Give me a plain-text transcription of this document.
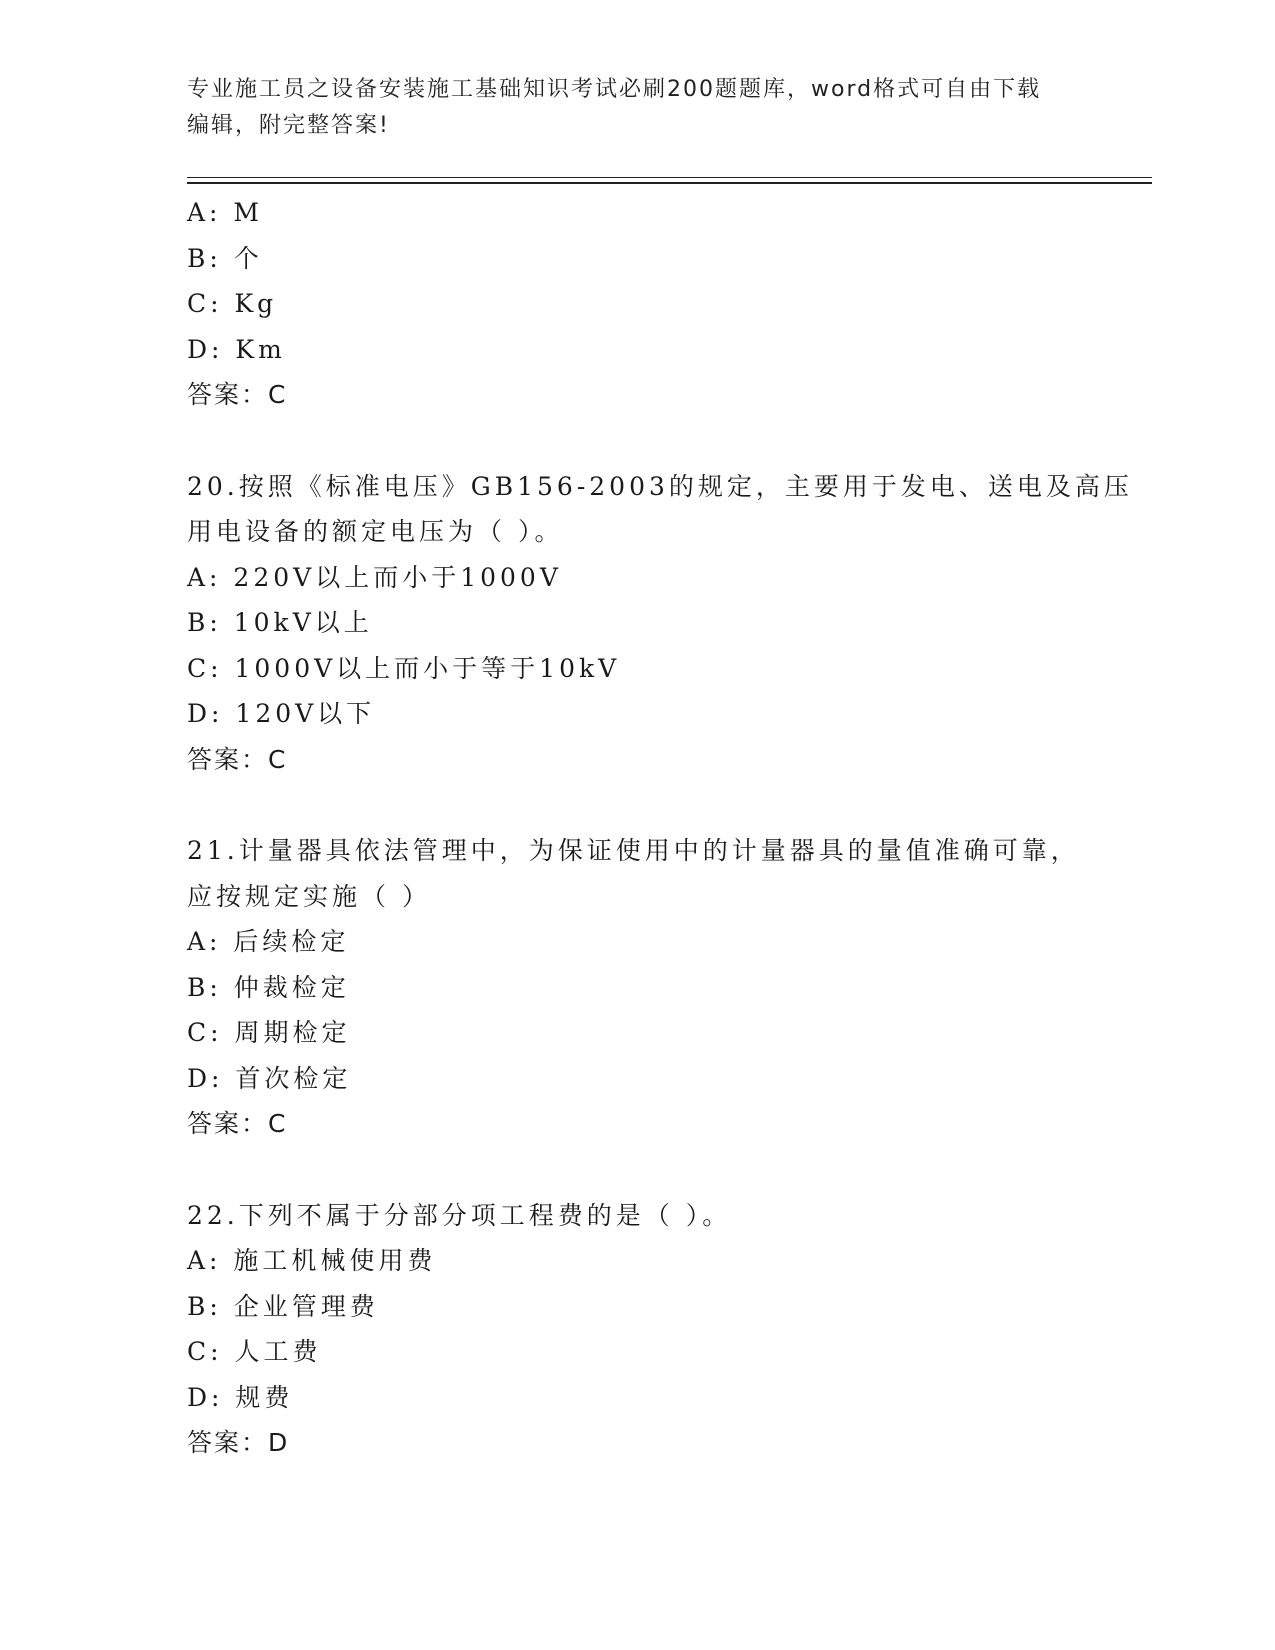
专业施工员之设备安装施工基础知识考试必刷200题题库，word格式可自由下载
编辑，附完整答案!
A: M
B: 个
C: Kg
D: Km
答案：C
20.按照《标准电压》GB156-2003的规定，主要用于发电、送电及高压
用电设备的额定电压为（ ）。
A: 220V以上而小于1000V
B: 10kV以上
C: 1000V以上而小于等于10kV
D: 120V以下
答案：C
21.计量器具依法管理中，为保证使用中的计量器具的量值准确可靠，
应按规定实施（ ）
A: 后续检定
B: 仲裁检定
C: 周期检定
D: 首次检定
答案：C
22.下列不属于分部分项工程费的是（ ）。
A: 施工机械使用费
B: 企业管理费
C: 人工费
D: 规费
答案：D
